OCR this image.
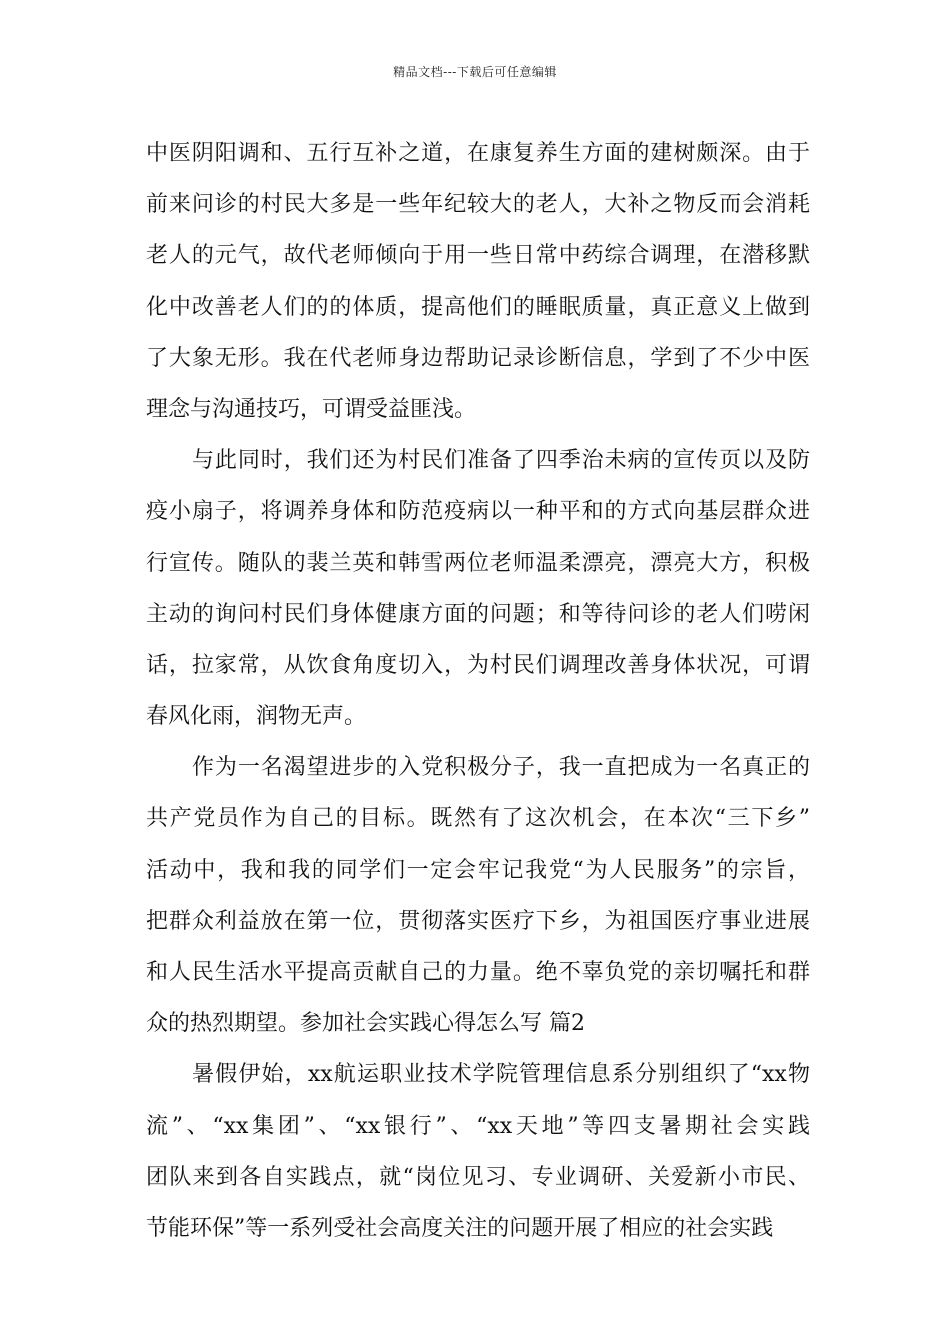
精品文档---下载后可任意编辑
中医阴阳调和、五行互补之道，在康复养生方面的建树颇深。由于
前来问诊的村民大多是一些年纪较大的老人，大补之物反而会消耗
老人的元气，故代老师倾向于用一些日常中药综合调理，在潜移默
化中改善老人们的的体质，提高他们的睡眠质量，真正意义上做到
了大象无形。我在代老师身边帮助记录诊断信息，学到了不少中医
理念与沟通技巧，可谓受益匪浅。
与此同时，我们还为村民们准备了四季治未病的宣传页以及防
疫小扇子，将调养身体和防范疫病以一种平和的方式向基层群众进
行宣传。随队的裴兰英和韩雪两位老师温柔漂亮，漂亮大方，积极
主动的询问村民们身体健康方面的问题；和等待问诊的老人们唠闲
话，拉家常，从饮食角度切入，为村民们调理改善身体状况，可谓
春风化雨，润物无声。
作为一名渴望进步的入党积极分子，我一直把成为一名真正的
共产党员作为自己的目标。既然有了这次机会，在本次“三下乡”
活动中，我和我的同学们一定会牢记我党“为人民服务”的宗旨，
把群众利益放在第一位，贯彻落实医疗下乡，为祖国医疗事业进展
和人民生活水平提高贡献自己的力量。绝不辜负党的亲切嘱托和群
众的热烈期望。参加社会实践心得怎么写 篇2
暑假伊始，xx航运职业技术学院管理信息系分别组织了“xx物
流”、“xx集团”、“xx银行”、“xx天地”等四支暑期社会实践
团队来到各自实践点，就“岗位见习、专业调研、关爱新小市民、
节能环保”等一系列受社会高度关注的问题开展了相应的社会实践
